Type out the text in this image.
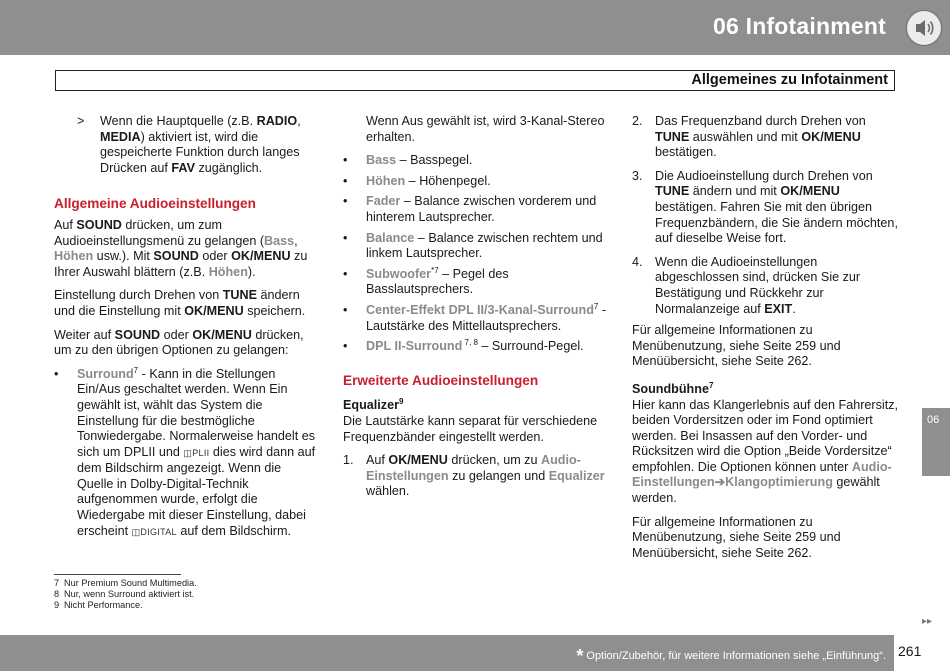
06 Infotainment
Allgemeines zu Infotainment
> Wenn die Hauptquelle (z.B. RADIO,
MEDIA) aktiviert ist, wird die gespeicherte Funktion durch langes Drücken auf FAV zugänglich.
Allgemeine Audioeinstellungen

Auf SOUND drücken, um zum Audioeinstellungsmenü zu gelangen (Bass, Höhen usw.). Mit SOUND oder OK/MENU zu Ihrer Auswahl blättern (z.B. Höhen).

Einstellung durch Drehen von TUNE ändern und die Einstellung mit OK/MENU speichern.

Weiter auf SOUND oder OK/MENU drücken, um zu den übrigen Optionen zu gelangen:

• Surround$^7$ - Kann in die Stellungen Ein/Aus geschaltet werden. Wenn Ein gewählt ist, wählt das System die Einstellung für die bestmögliche Tonwiedergabe. Normalerweise handelt es sich um DPLII und ◫PLII dies wird dann auf dem Bildschirm angezeigt. Wenn die Quelle in Dolby-Digital-Technik aufgenommen wurde, erfolgt die Wiedergabe mit dieser Einstellung, dabei erscheint ◫DIGITAL auf dem Bildschirm.

Wenn Aus gewählt ist, wird 3-Kanal-Stereo erhalten.

• Bass – Basspegel.
• Höhen – Höhenpegel.
• Fader – Balance zwischen vorderem und hinterem Lautsprecher.
• Balance – Balance zwischen rechtem und linkem Lautsprecher.
• Subwoofer$^{*7}$ – Pegel des Basslautsprechers.
• Center-Effekt DPL II/3-Kanal-Surround$^7$ - Lautstärke des Mittellautsprechers.
• DPL II-Surround $^{7, 8}$ – Surround-Pegel.
Erweiterte Audioeinstellungen
Equalizer$^9$

Die Lautstärke kann separat für verschiedene Frequenzbänder eingestellt werden.

1. Auf OK/MENU drücken, um zu Audio-Einstellungen zu gelangen und Equalizer wählen.
2. Das Frequenzband durch Drehen von TUNE auswählen und mit OK/MENU bestätigen.
3. Die Audioeinstellung durch Drehen von TUNE ändern und mit OK/MENU bestätigen. Fahren Sie mit den übrigen Frequenzbändern, die Sie ändern möchten, auf dieselbe Weise fort.
4. Wenn die Audioeinstellungen abgeschlossen sind, drücken Sie zur Bestätigung und Rückkehr zur Normalanzeige auf EXIT.

Für allgemeine Informationen zu Menübenutzung, siehe Seite 259 und Menüübersicht, siehe Seite 262.

Soundbühne$^7$

Hier kann das Klangerlebnis auf den Fahrersitz, beiden Vordersitzen oder im Fond optimiert werden. Bei Insassen auf den Vorder- und Rücksitzen wird die Option „Beide Vordersitze“ empfohlen. Die Optionen können unter Audio-Einstellungen➔Klangoptimierung gewählt werden.

Für allgemeine Informationen zu Menübenutzung, siehe Seite 259 und Menüübersicht, siehe Seite 262.

7 Nur Premium Sound Multimedia.
8 Nur, wenn Surround aktiviert ist.
9 Nicht Performance.
06
▸▸
* Option/Zubehör, für weitere Informationen siehe „Einführung“. 261
